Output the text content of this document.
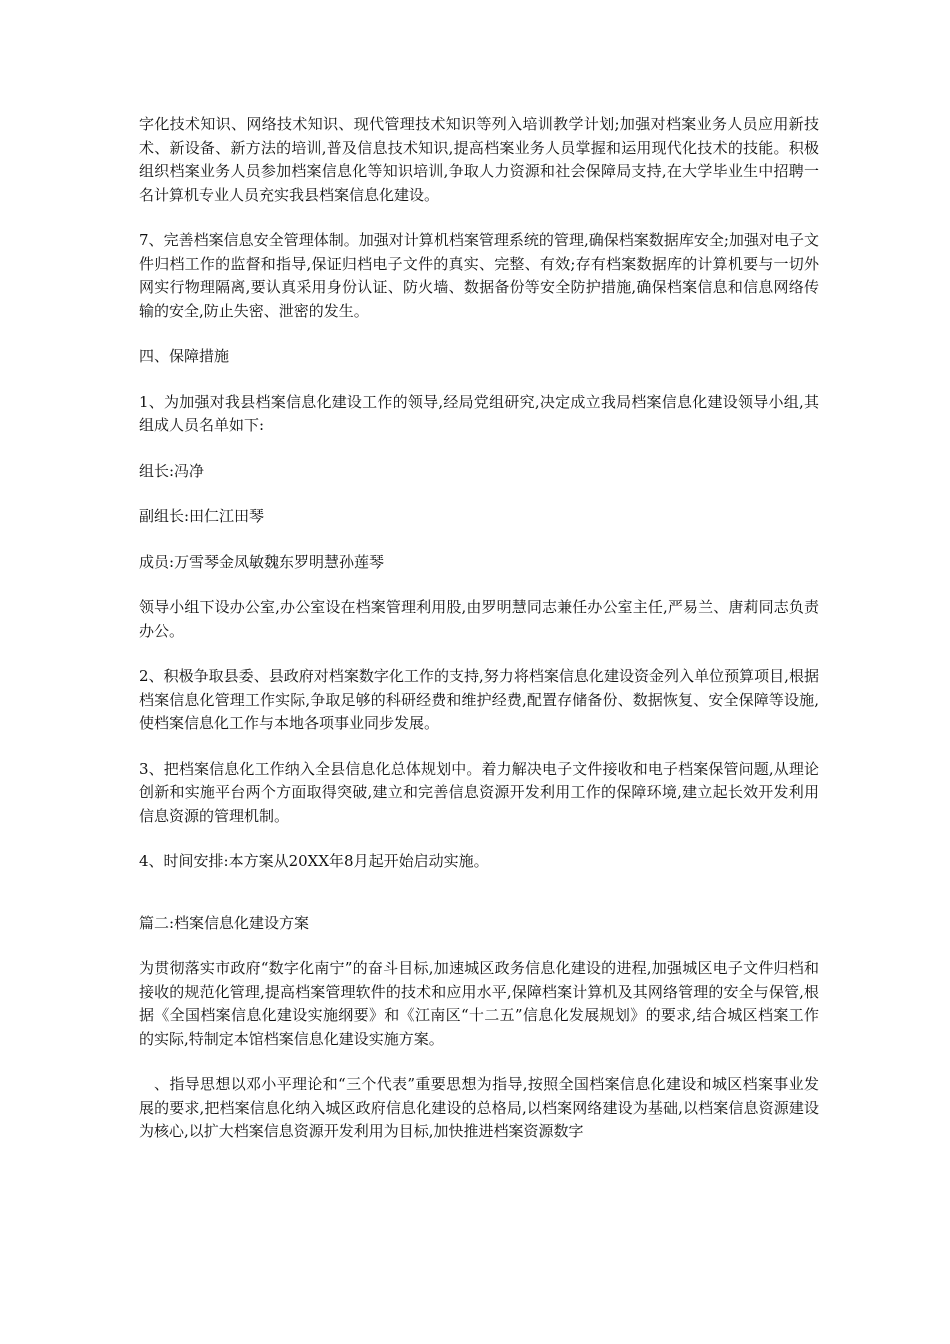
字化技术知识、网络技术知识、现代管理技术知识等列入培训教学计划;加强对档案业务人员应用新技术、新设备、新方法的培训,普及信息技术知识,提高档案业务人员掌握和运用现代化技术的技能。积极组织档案业务人员参加档案信息化等知识培训,争取人力资源和社会保障局支持,在大学毕业生中招聘一名计算机专业人员充实我县档案信息化建设。

7、完善档案信息安全管理体制。加强对计算机档案管理系统的管理,确保档案数据库安全;加强对电子文件归档工作的监督和指导,保证归档电子文件的真实、完整、有效;存有档案数据库的计算机要与一切外网实行物理隔离,要认真采用身份认证、防火墙、数据备份等安全防护措施,确保档案信息和信息网络传输的安全,防止失密、泄密的发生。

四、保障措施

1、为加强对我县档案信息化建设工作的领导,经局党组研究,决定成立我局档案信息化建设领导小组,其组成人员名单如下:

组长:冯净

副组长:田仁江田琴

成员:万雪琴金凤敏魏东罗明慧孙莲琴

领导小组下设办公室,办公室设在档案管理利用股,由罗明慧同志兼任办公室主任,严易兰、唐莉同志负责办公。

2、积极争取县委、县政府对档案数字化工作的支持,努力将档案信息化建设资金列入单位预算项目,根据档案信息化管理工作实际,争取足够的科研经费和维护经费,配置存储备份、数据恢复、安全保障等设施,使档案信息化工作与本地各项事业同步发展。

3、把档案信息化工作纳入全县信息化总体规划中。着力解决电子文件接收和电子档案保管问题,从理论创新和实施平台两个方面取得突破,建立和完善信息资源开发利用工作的保障环境,建立起长效开发利用信息资源的管理机制。

4、时间安排:本方案从20XX年8月起开始启动实施。

篇二:档案信息化建设方案

为贯彻落实市政府“数字化南宁”的奋斗目标,加速城区政务信息化建设的进程,加强城区电子文件归档和接收的规范化管理,提高档案管理软件的技术和应用水平,保障档案计算机及其网络管理的安全与保管,根据《全国档案信息化建设实施纲要》和《江南区“十二五”信息化发展规划》的要求,结合城区档案工作的实际,特制定本馆档案信息化建设实施方案。

、指导思想以邓小平理论和“三个代表”重要思想为指导,按照全国档案信息化建设和城区档案事业发展的要求,把档案信息化纳入城区政府信息化建设的总格局,以档案网络建设为基础,以档案信息资源建设为核心,以扩大档案信息资源开发利用为目标,加快推进档案资源数字
